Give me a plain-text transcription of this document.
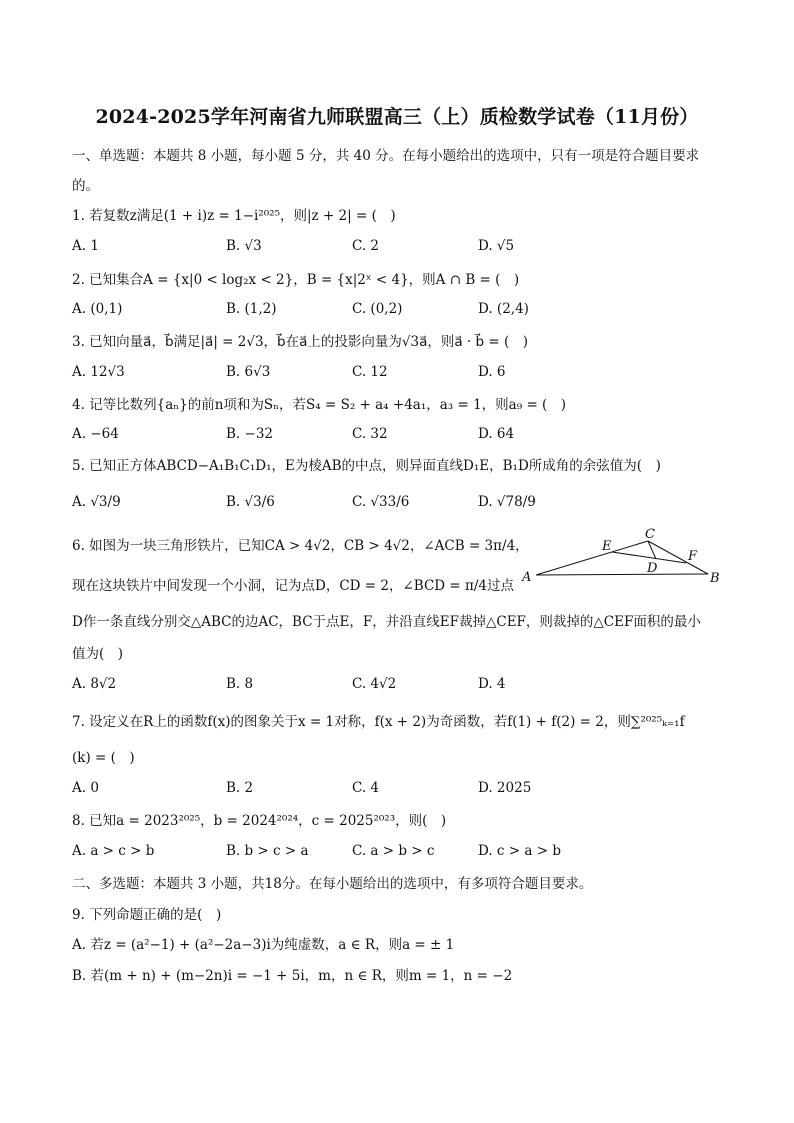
2024-2025学年河南省九师联盟高三（上）质检数学试卷（11月份）
一、单选题：本题共 8 小题，每小题 5 分，共 40 分。在每小题给出的选项中，只有一项是符合题目要求
的。
1. 若复数z满足(1 + i)z = 1−i²⁰²⁵，则|z + 2| = (　)
A. 1	B. √3	C. 2	D. √5
2. 已知集合A = {x|0 < log₂x < 2}，B = {x|2ˣ < 4}，则A ∩ B = (　)
A. (0,1)	B. (1,2)	C. (0,2)	D. (2,4)
3. 已知向量a⃗，b⃗满足|a⃗| = 2√3，b⃗在a⃗上的投影向量为√3a⃗，则a⃗ · b⃗ = (　)
A. 12√3	B. 6√3	C. 12	D. 6
4. 记等比数列{aₙ}的前n项和为Sₙ，若S₄ = S₂ + a₄ +4a₁，a₃ = 1，则a₉ = (　)
A. −64	B. −32	C. 32	D. 64
5. 已知正方体ABCD−A₁B₁C₁D₁，E为棱AB的中点，则异面直线D₁E，B₁D所成角的余弦值为(　)
A. √3/9	B. √3/6	C. √33/6	D. √78/9
6. 如图为一块三角形铁片，已知CA > 4√2，CB > 4√2，∠ACB = 3π/4，
现在这块铁片中间发现一个小洞，记为点D，CD = 2，∠BCD = π/4过点
D作一条直线分别交△ABC的边AC，BC于点E，F，并沿直线EF裁掉△CEF，则裁掉的△CEF面积的最小
值为(　)
A	B
C
D
E
F
A. 8√2	B. 8	C. 4√2	D. 4
7. 设定义在R上的函数f(x)的图象关于x = 1对称，f(x + 2)为奇函数，若f(1) + f(2) = 2，则∑²⁰²⁵ₖ₌₁f
(k) = (　)
A. 0	B. 2	C. 4	D. 2025
8. 已知a = 2023²⁰²⁵，b = 2024²⁰²⁴，c = 2025²⁰²³，则(　)
A. a > c > b	B. b > c > a	C. a > b > c	D. c > a > b
二、多选题：本题共 3 小题，共18分。在每小题给出的选项中，有多项符合题目要求。
9. 下列命题正确的是(　)
A. 若z = (a²−1) + (a²−2a−3)i为纯虚数，a ∈ R，则a = ± 1
B. 若(m + n) + (m−2n)i = −1 + 5i，m，n ∈ R，则m = 1，n = −2
